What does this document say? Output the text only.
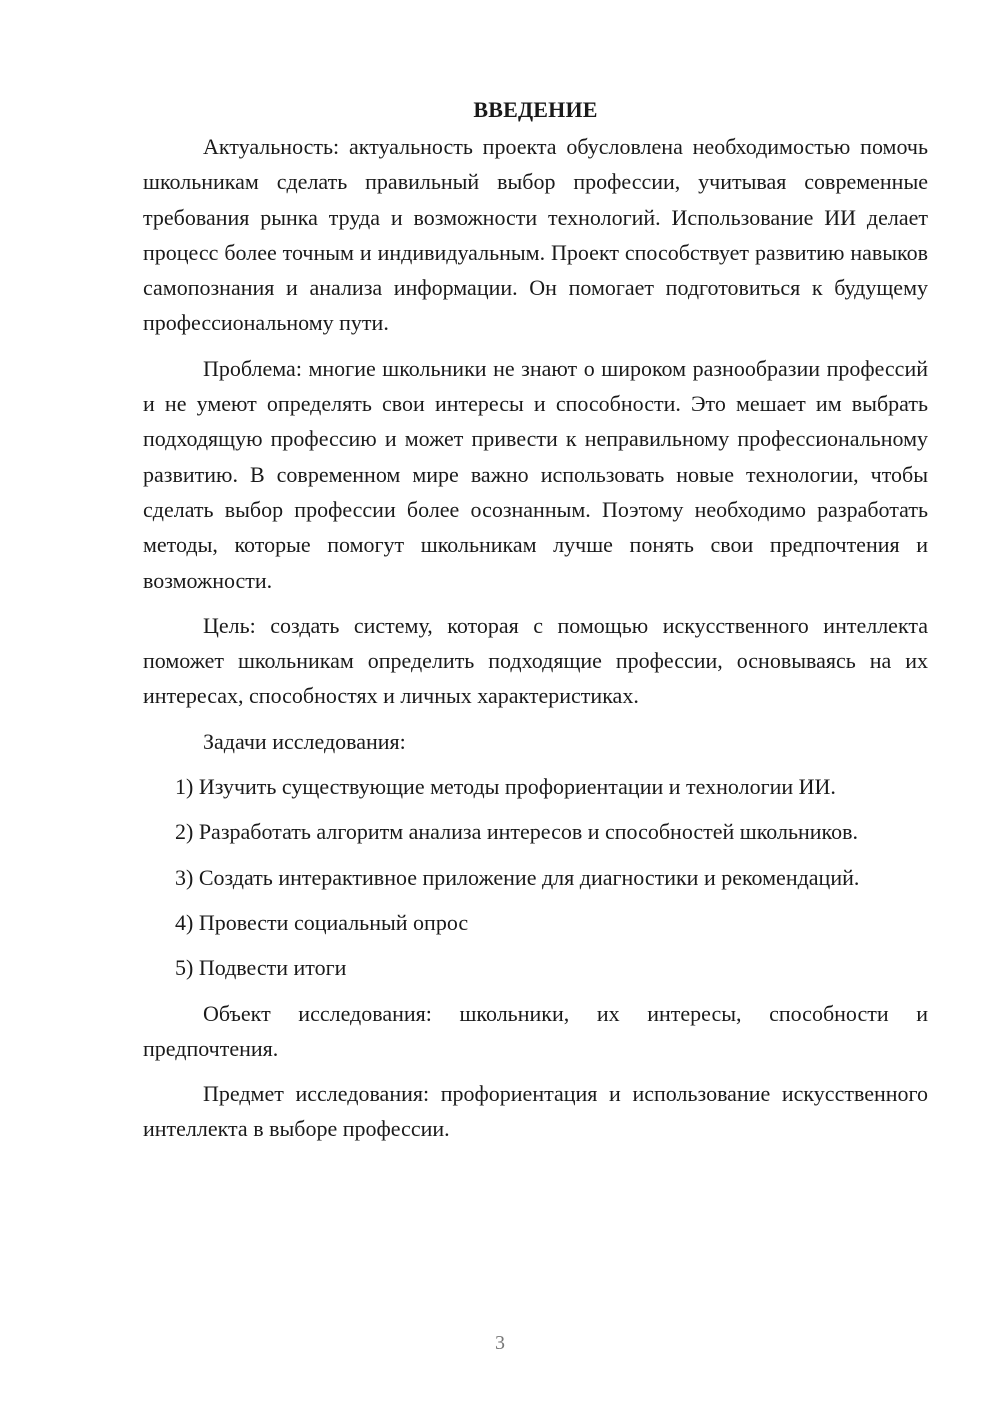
ВВЕДЕНИЕ

Актуальность: актуальность проекта обусловлена необходимостью помочь школьникам сделать правильный выбор профессии, учитывая современные требования рынка труда и возможности технологий. Использование ИИ делает процесс более точным и индивидуальным. Проект способствует развитию навыков самопознания и анализа информации. Он помогает подготовиться к будущему профессиональному пути.

Проблема: многие школьники не знают о широком разнообразии профессий и не умеют определять свои интересы и способности. Это мешает им выбрать подходящую профессию и может привести к неправильному профессиональному развитию. В современном мире важно использовать новые технологии, чтобы сделать выбор профессии более осознанным. Поэтому необходимо разработать методы, которые помогут школьникам лучше понять свои предпочтения и возможности.

Цель: создать систему, которая с помощью искусственного интеллекта поможет школьникам определить подходящие профессии, основываясь на их интересах, способностях и личных характеристиках.

Задачи исследования:

1) Изучить существующие методы профориентации и технологии ИИ.

2) Разработать алгоритм анализа интересов и способностей школьников.

3) Создать интерактивное приложение для диагностики и рекомендаций.

4) Провести социальный опрос

5) Подвести итоги

Объект исследования: школьники, их интересы, способности и предпочтения.

Предмет исследования: профориентация и использование искусственного интеллекта в выборе профессии.

3
